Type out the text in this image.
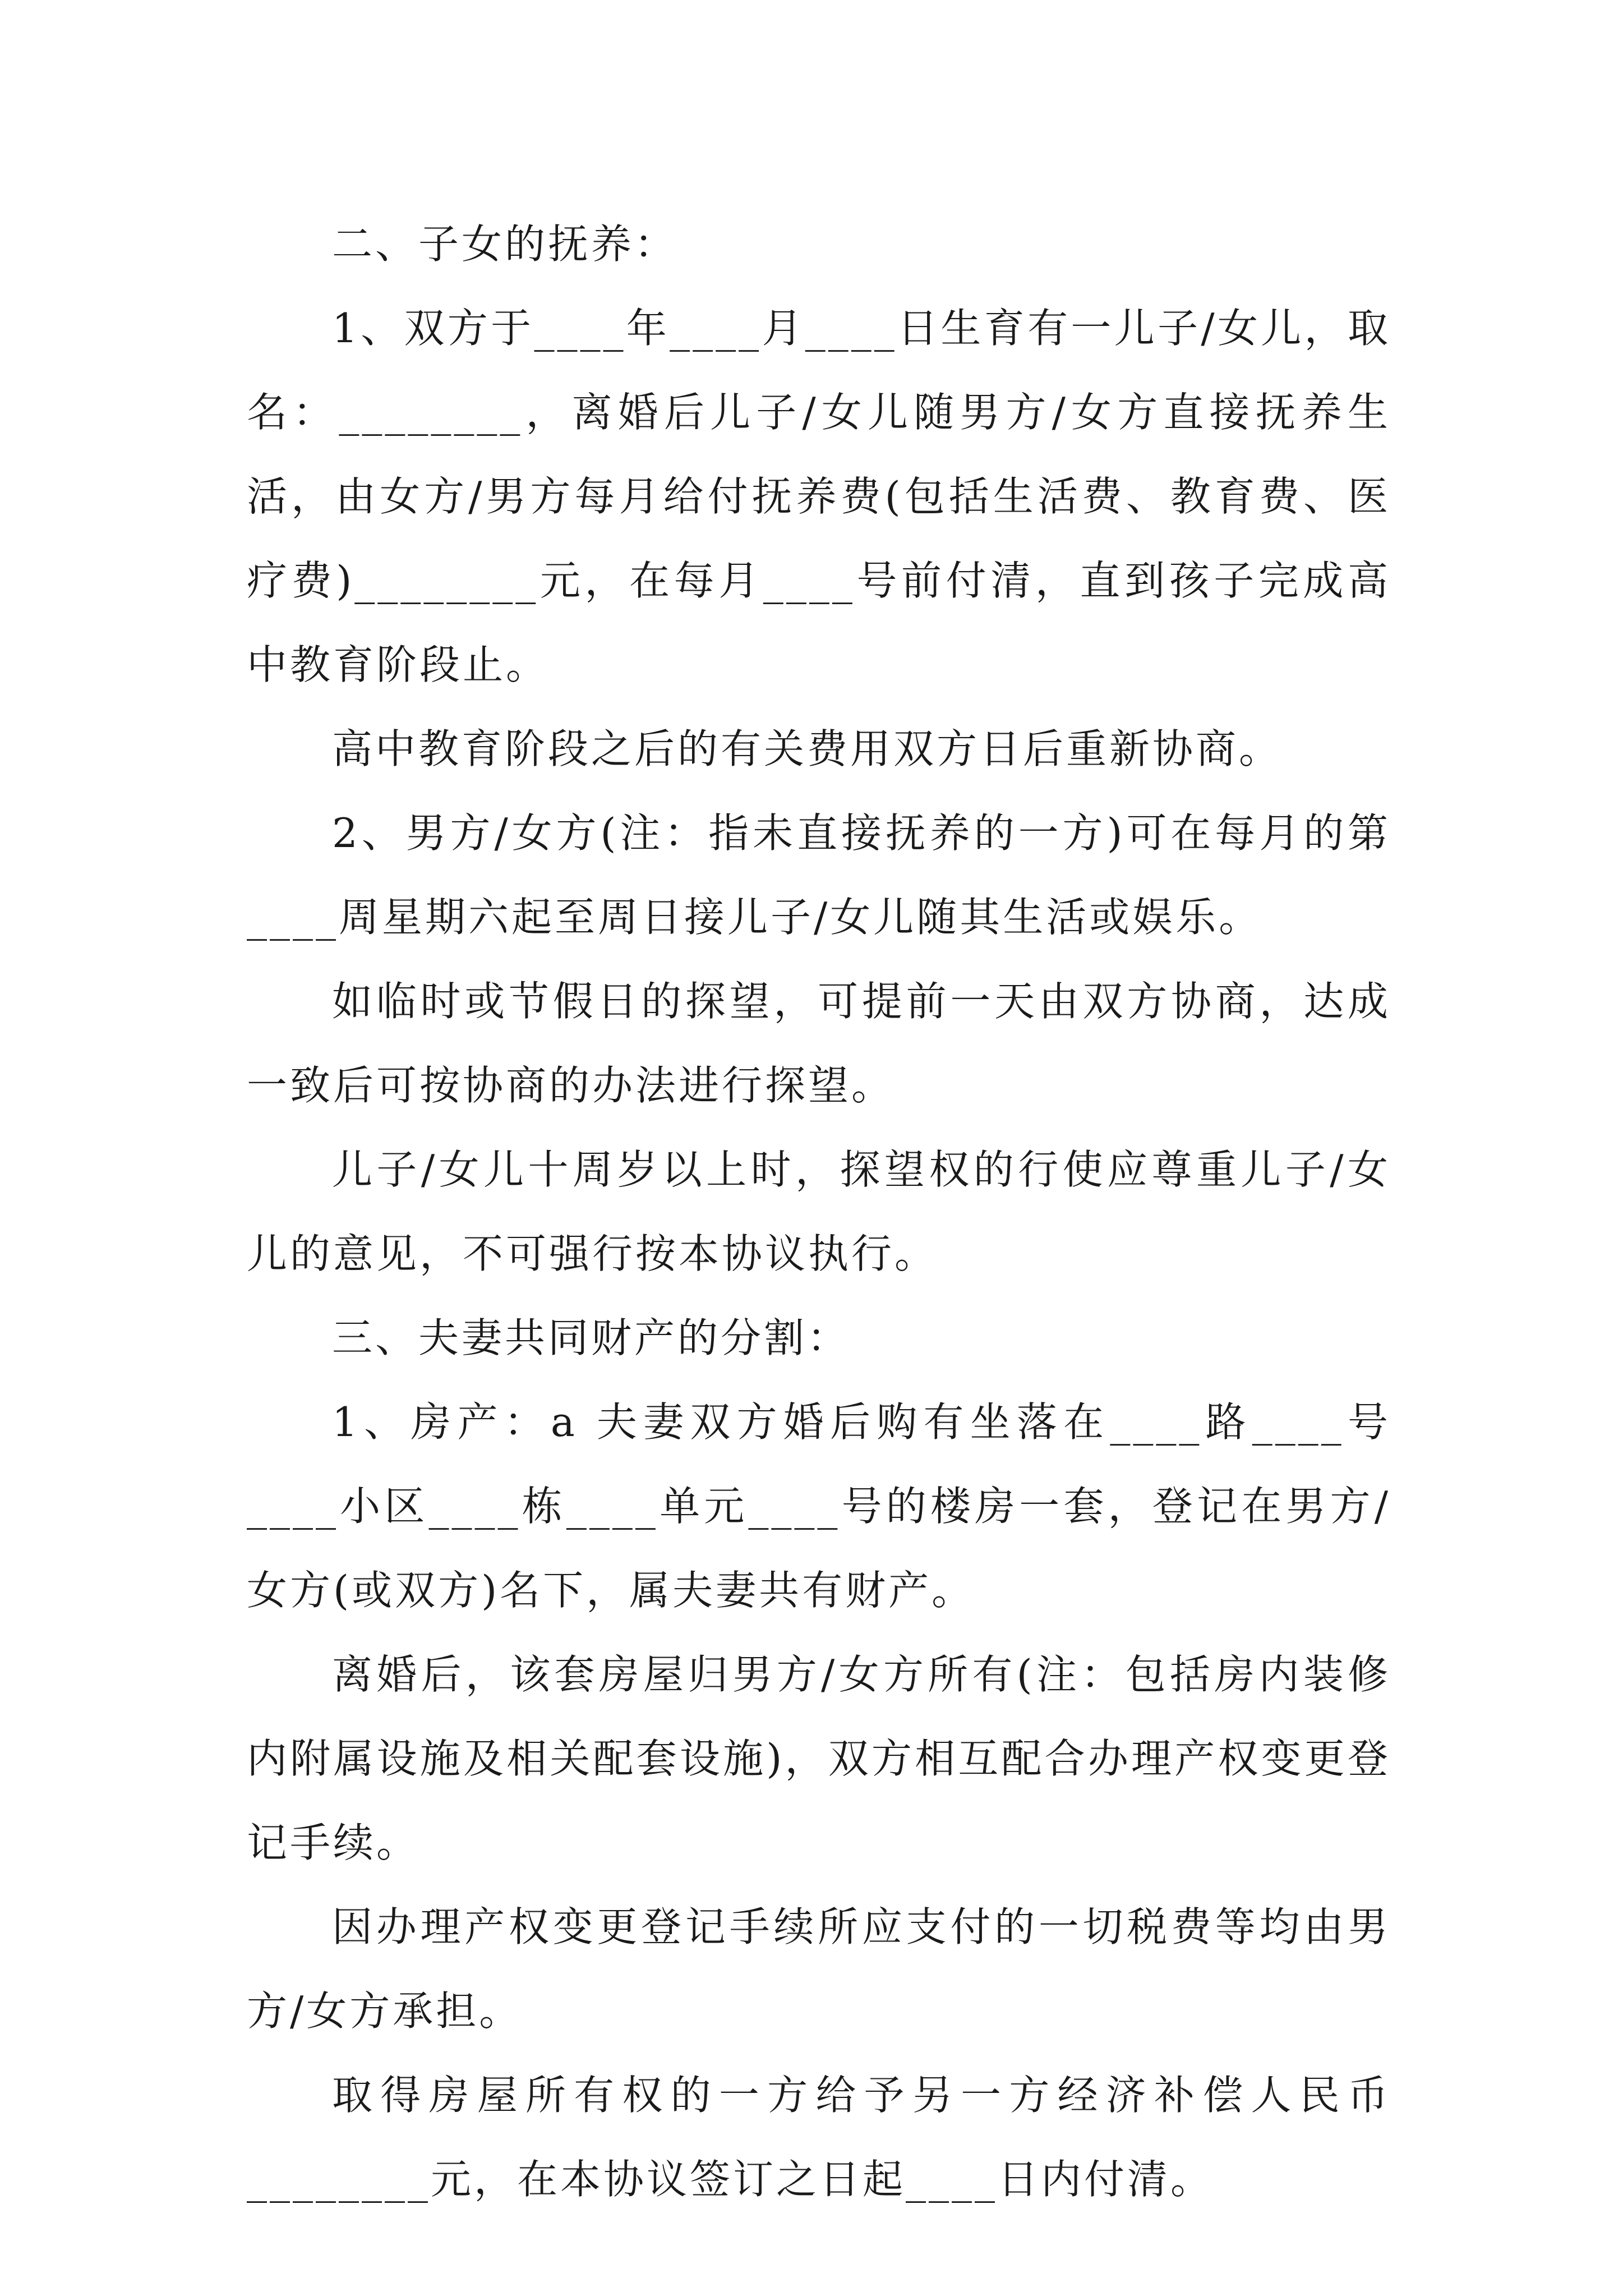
二、子女的抚养：

1、双方于____年____月____日生育有一儿子/女儿，取名：________，离婚后儿子/女儿随男方/女方直接抚养生活，由女方/男方每月给付抚养费(包括生活费、教育费、医疗费)________元，在每月____号前付清，直到孩子完成高中教育阶段止。

高中教育阶段之后的有关费用双方日后重新协商。

2、男方/女方(注：指未直接抚养的一方)可在每月的第____周星期六起至周日接儿子/女儿随其生活或娱乐。

如临时或节假日的探望，可提前一天由双方协商，达成一致后可按协商的办法进行探望。

儿子/女儿十周岁以上时，探望权的行使应尊重儿子/女儿的意见，不可强行按本协议执行。

三、夫妻共同财产的分割：

1、房产：a 夫妻双方婚后购有坐落在____路____号____小区____栋____单元____号的楼房一套，登记在男方/女方(或双方)名下，属夫妻共有财产。

离婚后，该套房屋归男方/女方所有(注：包括房内装修内附属设施及相关配套设施)，双方相互配合办理产权变更登记手续。

因办理产权变更登记手续所应支付的一切税费等均由男方/女方承担。

取得房屋所有权的一方给予另一方经济补偿人民币________元，在本协议签订之日起____日内付清。
